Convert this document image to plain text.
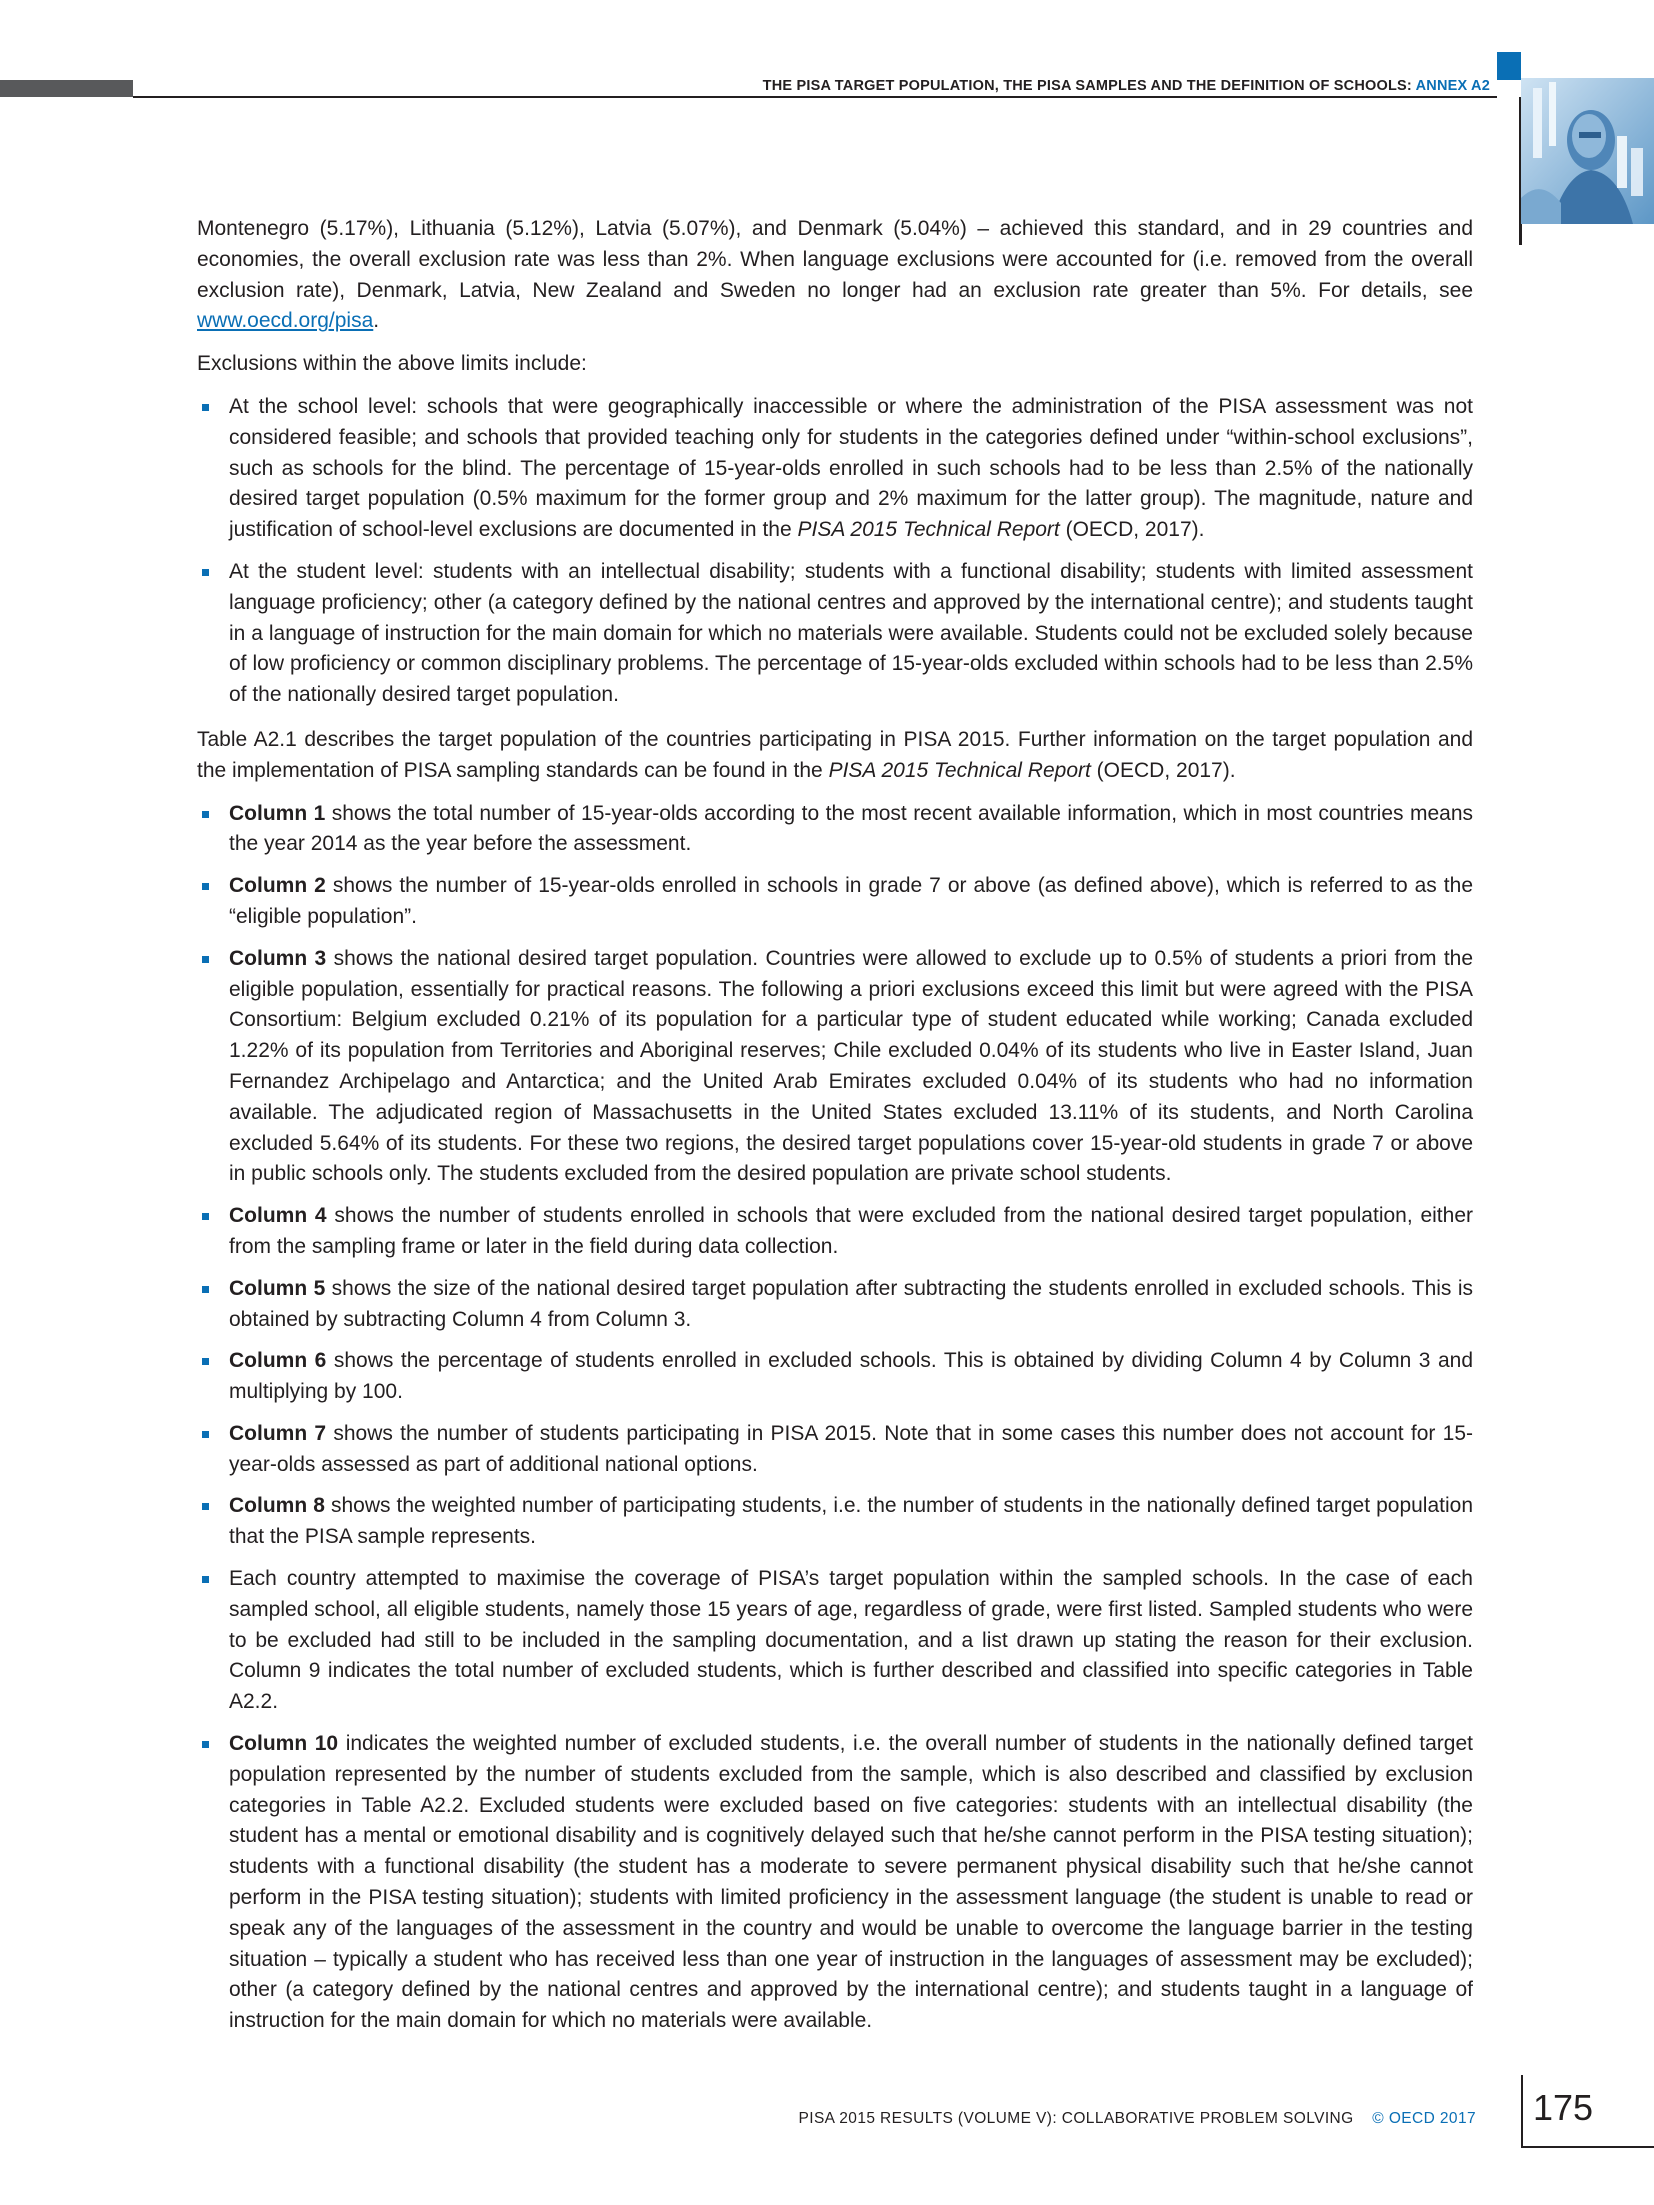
THE PISA TARGET POPULATION, THE PISA SAMPLES AND THE DEFINITION OF SCHOOLS: ANNEX A2

Montenegro (5.17%), Lithuania (5.12%), Latvia (5.07%), and Denmark (5.04%) – achieved this standard, and in 29 countries and economies, the overall exclusion rate was less than 2%. When language exclusions were accounted for (i.e. removed from the overall exclusion rate), Denmark, Latvia, New Zealand and Sweden no longer had an exclusion rate greater than 5%. For details, see www.oecd.org/pisa.

Exclusions within the above limits include:

At the school level: schools that were geographically inaccessible or where the administration of the PISA assessment was not considered feasible; and schools that provided teaching only for students in the categories defined under “within-school exclusions”, such as schools for the blind. The percentage of 15-year-olds enrolled in such schools had to be less than 2.5% of the nationally desired target population (0.5% maximum for the former group and 2% maximum for the latter group). The magnitude, nature and justification of school-level exclusions are documented in the PISA 2015 Technical Report (OECD, 2017).
At the student level: students with an intellectual disability; students with a functional disability; students with limited assessment language proficiency; other (a category defined by the national centres and approved by the international centre); and students taught in a language of instruction for the main domain for which no materials were available. Students could not be excluded solely because of low proficiency or common disciplinary problems. The percentage of 15-year-olds excluded within schools had to be less than 2.5% of the nationally desired target population.

Table A2.1 describes the target population of the countries participating in PISA 2015. Further information on the target population and the implementation of PISA sampling standards can be found in the PISA 2015 Technical Report (OECD, 2017).

Column 1 shows the total number of 15-year-olds according to the most recent available information, which in most countries means the year 2014 as the year before the assessment.
Column 2 shows the number of 15-year-olds enrolled in schools in grade 7 or above (as defined above), which is referred to as the “eligible population”.
Column 3 shows the national desired target population. Countries were allowed to exclude up to 0.5% of students a priori from the eligible population, essentially for practical reasons. The following a priori exclusions exceed this limit but were agreed with the PISA Consortium: Belgium excluded 0.21% of its population for a particular type of student educated while working; Canada excluded 1.22% of its population from Territories and Aboriginal reserves; Chile excluded 0.04% of its students who live in Easter Island, Juan Fernandez Archipelago and Antarctica; and the United Arab Emirates excluded 0.04% of its students who had no information available. The adjudicated region of Massachusetts in the United States excluded 13.11% of its students, and North Carolina excluded 5.64% of its students. For these two regions, the desired target populations cover 15-year-old students in grade 7 or above in public schools only. The students excluded from the desired population are private school students.
Column 4 shows the number of students enrolled in schools that were excluded from the national desired target population, either from the sampling frame or later in the field during data collection.
Column 5 shows the size of the national desired target population after subtracting the students enrolled in excluded schools. This is obtained by subtracting Column 4 from Column 3.
Column 6 shows the percentage of students enrolled in excluded schools. This is obtained by dividing Column 4 by Column 3 and multiplying by 100.
Column 7 shows the number of students participating in PISA 2015. Note that in some cases this number does not account for 15-year-olds assessed as part of additional national options.
Column 8 shows the weighted number of participating students, i.e. the number of students in the nationally defined target population that the PISA sample represents.
Each country attempted to maximise the coverage of PISA’s target population within the sampled schools. In the case of each sampled school, all eligible students, namely those 15 years of age, regardless of grade, were first listed. Sampled students who were to be excluded had still to be included in the sampling documentation, and a list drawn up stating the reason for their exclusion. Column 9 indicates the total number of excluded students, which is further described and classified into specific categories in Table A2.2.
Column 10 indicates the weighted number of excluded students, i.e. the overall number of students in the nationally defined target population represented by the number of students excluded from the sample, which is also described and classified by exclusion categories in Table A2.2. Excluded students were excluded based on five categories: students with an intellectual disability (the student has a mental or emotional disability and is cognitively delayed such that he/she cannot perform in the PISA testing situation); students with a functional disability (the student has a moderate to severe permanent physical disability such that he/she cannot perform in the PISA testing situation); students with limited proficiency in the assessment language (the student is unable to read or speak any of the languages of the assessment in the country and would be unable to overcome the language barrier in the testing situation – typically a student who has received less than one year of instruction in the languages of assessment may be excluded); other (a category defined by the national centres and approved by the international centre); and students taught in a language of instruction for the main domain for which no materials were available.
PISA 2015 RESULTS (VOLUME V): COLLABORATIVE PROBLEM SOLVING © OECD 2017 175
